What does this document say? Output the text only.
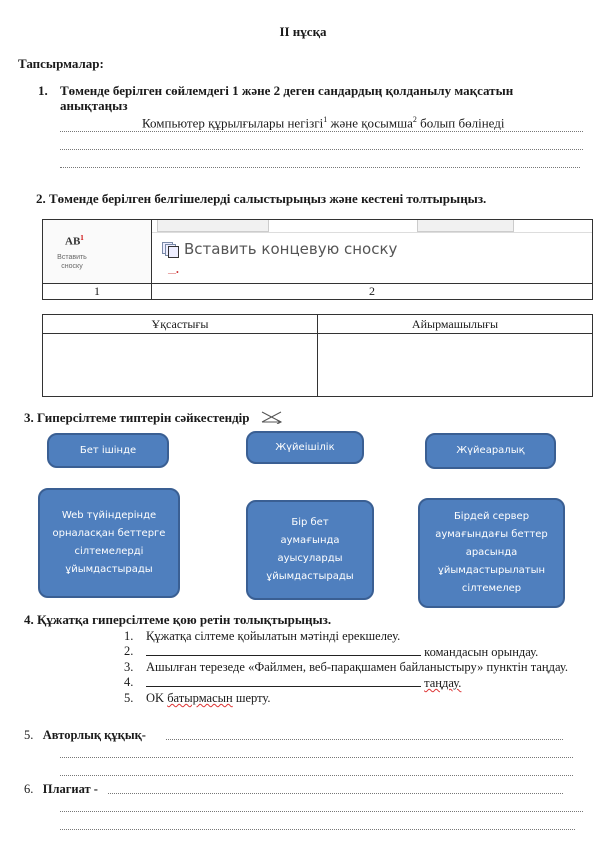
II нұсқа
Тапсырмалар:
1. Төменде берілген сөйлемдегі 1 және 2 деген сандардың қолданылу мақсатын анықтаңыз
Компьютер құрылғылары негізгі$^1$ және қосымша$^2$ болып бөлінеді
2. Төменде берілген белгішелерді салыстырыңыз және кестені толтырыңыз.
$AB^1$
Вставить сноску

Вставить концевую сноску
—•

1	2
Ұқсастығы	Айырмашылығы

3. Гиперсілтеме типтерін сәйкестендір
Бет ішінде	Жүйеішілік	Жүйеаралық
Web түйіндерінде орналасқан беттерге сілтемелерді ұйымдастырады
Бір бет аумағында ауысуларды ұйымдастырады
Бірдей сервер аумағындағы беттер арасында ұйымдастырылатын сілтемелер
4. Құжатқа гиперсілтеме қою ретін толықтырыңыз.
1. Құжатқа сілтеме қойылатын мәтінді ерекшелеу.
2.	командасын орындау.
3. Ашылған терезеде «Файлмен, веб-парақшамен байланыстыру» пунктін таңдау.
4.	таңдау.
5. OK батырмасын шерту.
5. Авторлық құқық-
6. Плагиат -
